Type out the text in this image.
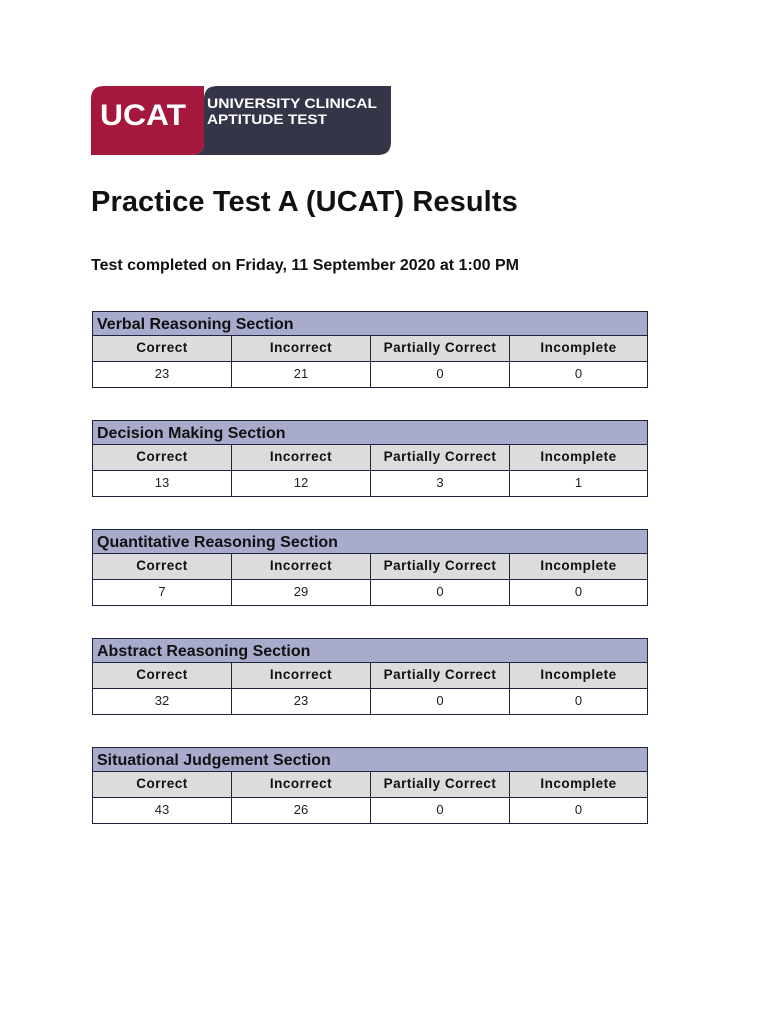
UCAT UNIVERSITY CLINICAL
APTITUDE TEST
Practice Test A (UCAT) Results

Test completed on Friday, 11 September 2020 at 1:00 PM

Verbal Reasoning Section
Correct	Incorrect	Partially Correct	Incomplete
23	21	0	0
Decision Making Section
Correct	Incorrect	Partially Correct	Incomplete
13	12	3	1
Quantitative Reasoning Section
Correct	Incorrect	Partially Correct	Incomplete
7	29	0	0
Abstract Reasoning Section
Correct	Incorrect	Partially Correct	Incomplete
32	23	0	0
Situational Judgement Section
Correct	Incorrect	Partially Correct	Incomplete
43	26	0	0
